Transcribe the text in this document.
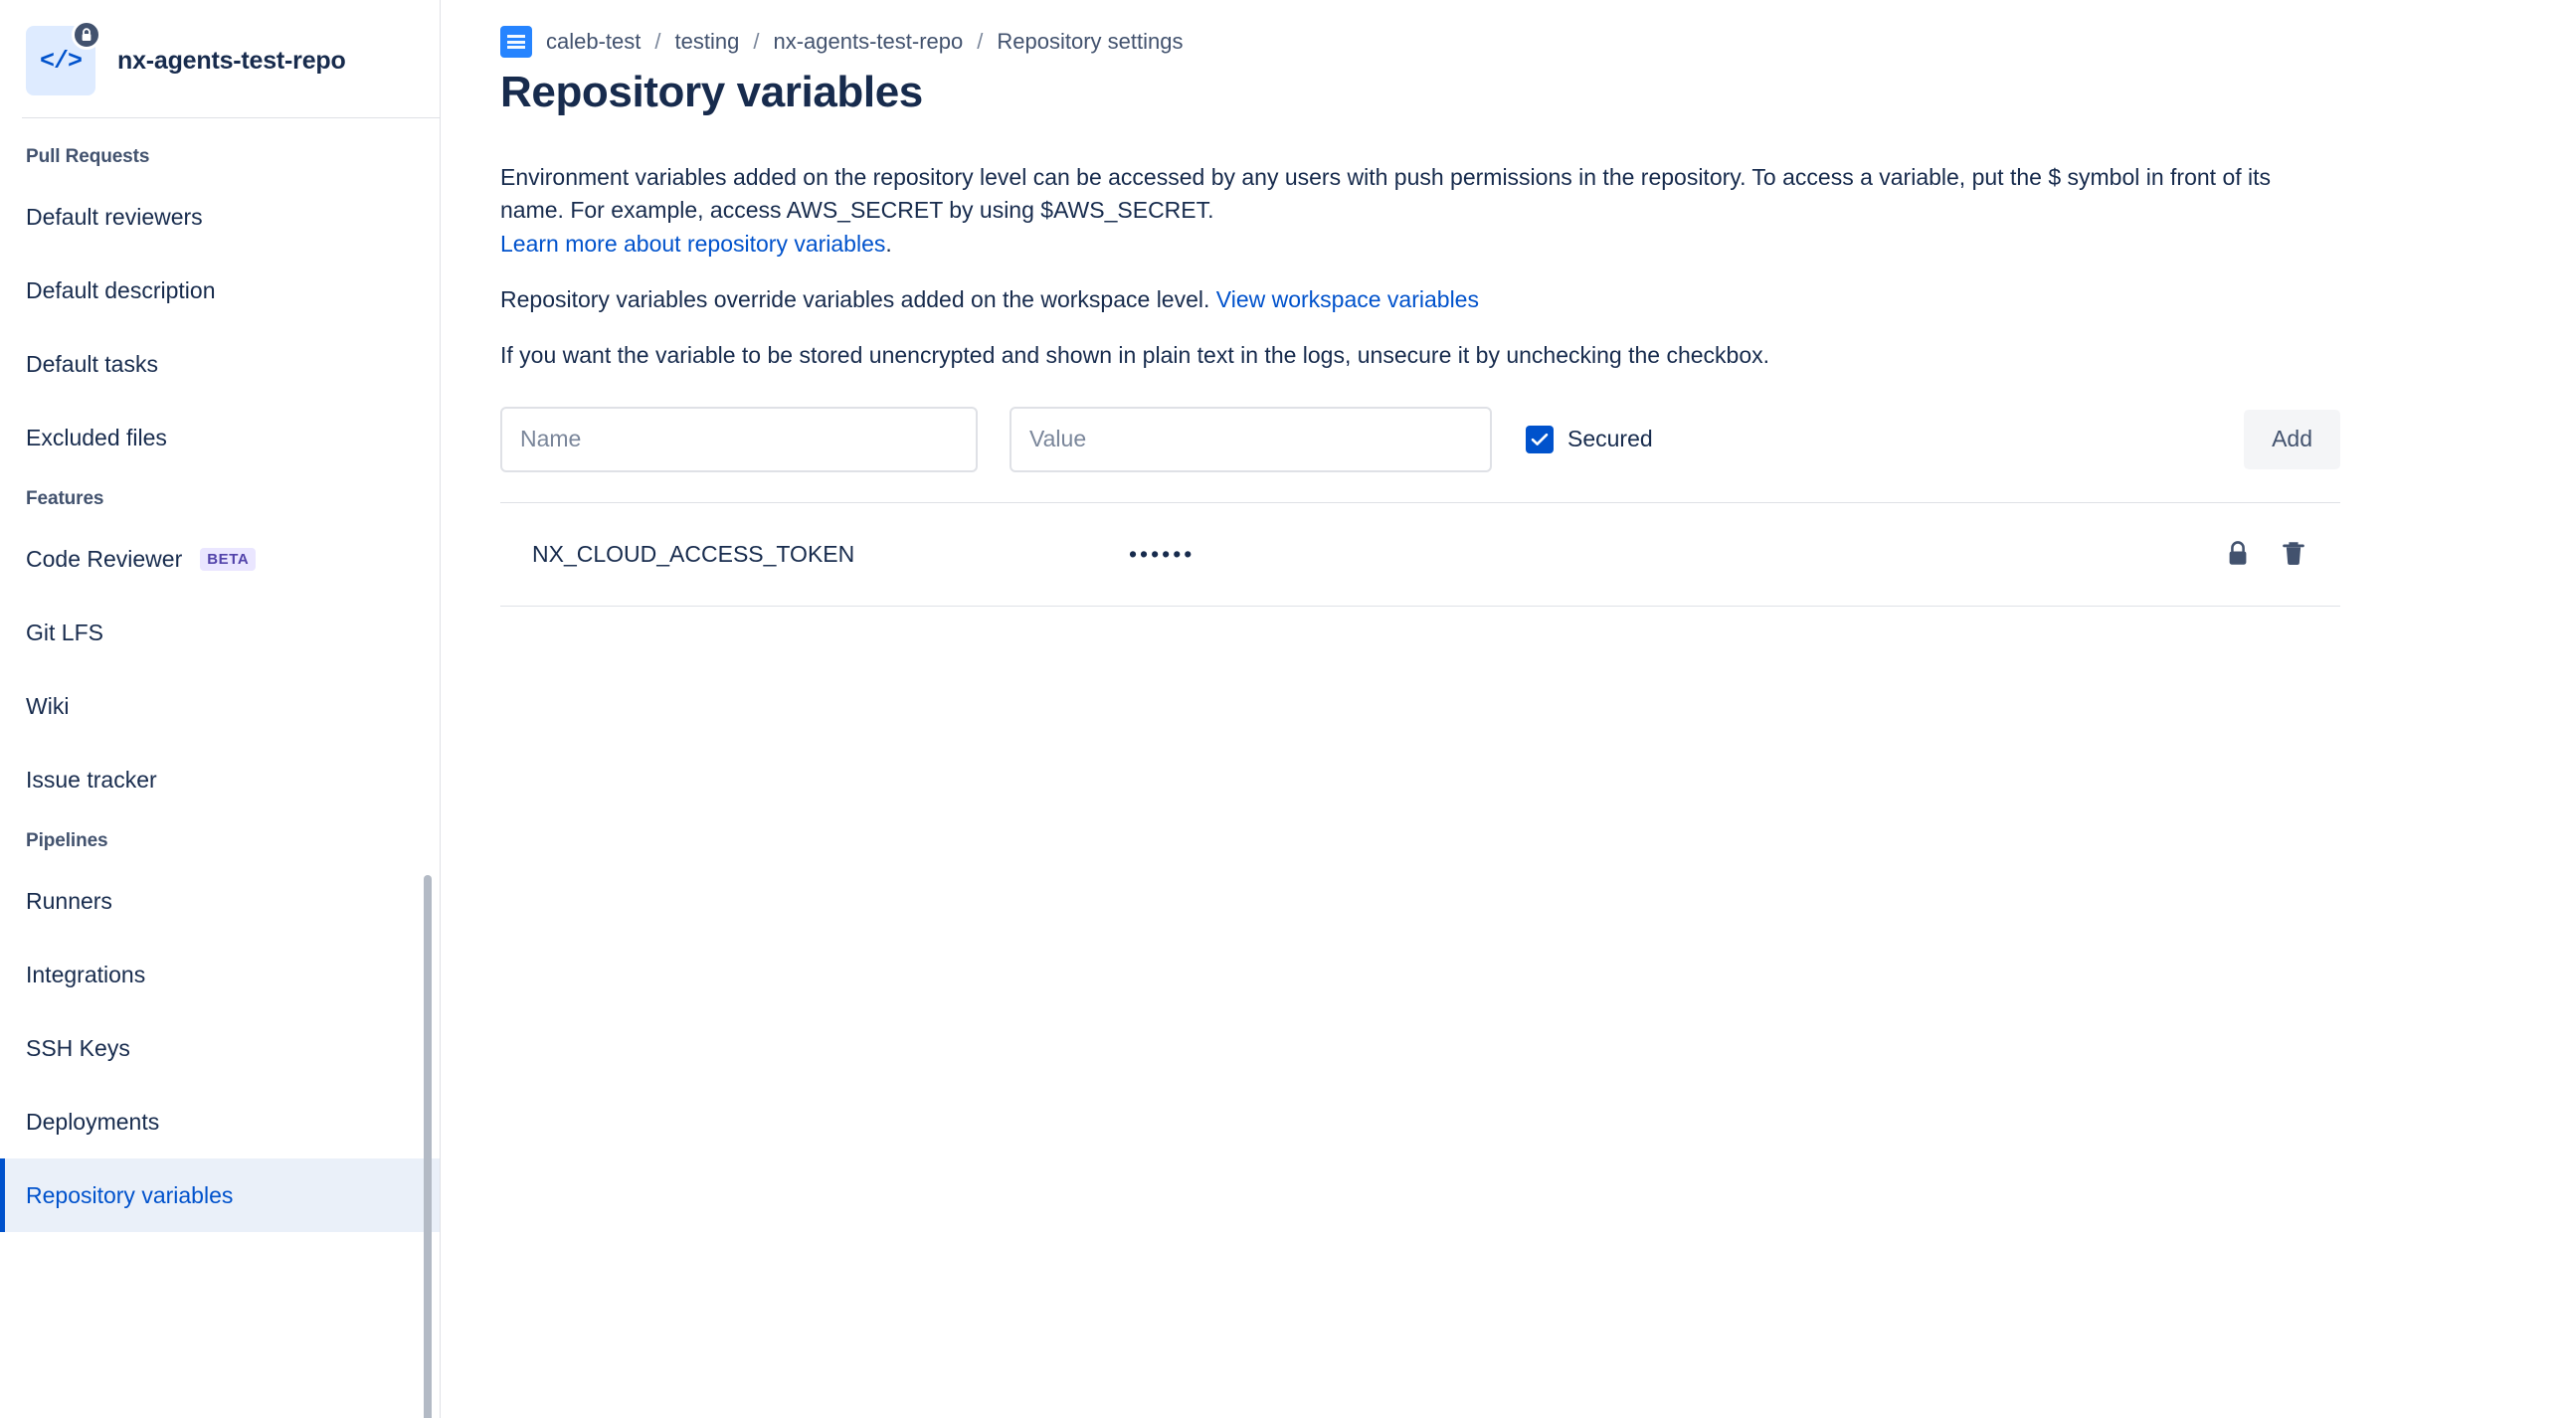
</> nx-agents-test-repo
Pull Requests
Default reviewers
Default description
Default tasks
Excluded files
Features
Code Reviewer	BETA
Git LFS
Wiki
Issue tracker
Pipelines
Runners
Integrations
SSH Keys
Deployments
Repository variables
caleb-test / testing / nx-agents-test-repo / Repository settings
Repository variables

Environment variables added on the repository level can be accessed by any users with push permissions in the repository. To access a variable, put the $ symbol in front of its name. For example, access AWS_SECRET by using $AWS_SECRET.
Learn more about repository variables.

Repository variables override variables added on the workspace level. View workspace variables

If you want the variable to be stored unencrypted and shown in plain text in the logs, unsecure it by unchecking the checkbox.

Name
Value
Secured	Add
NX_CLOUD_ACCESS_TOKEN	••••••
